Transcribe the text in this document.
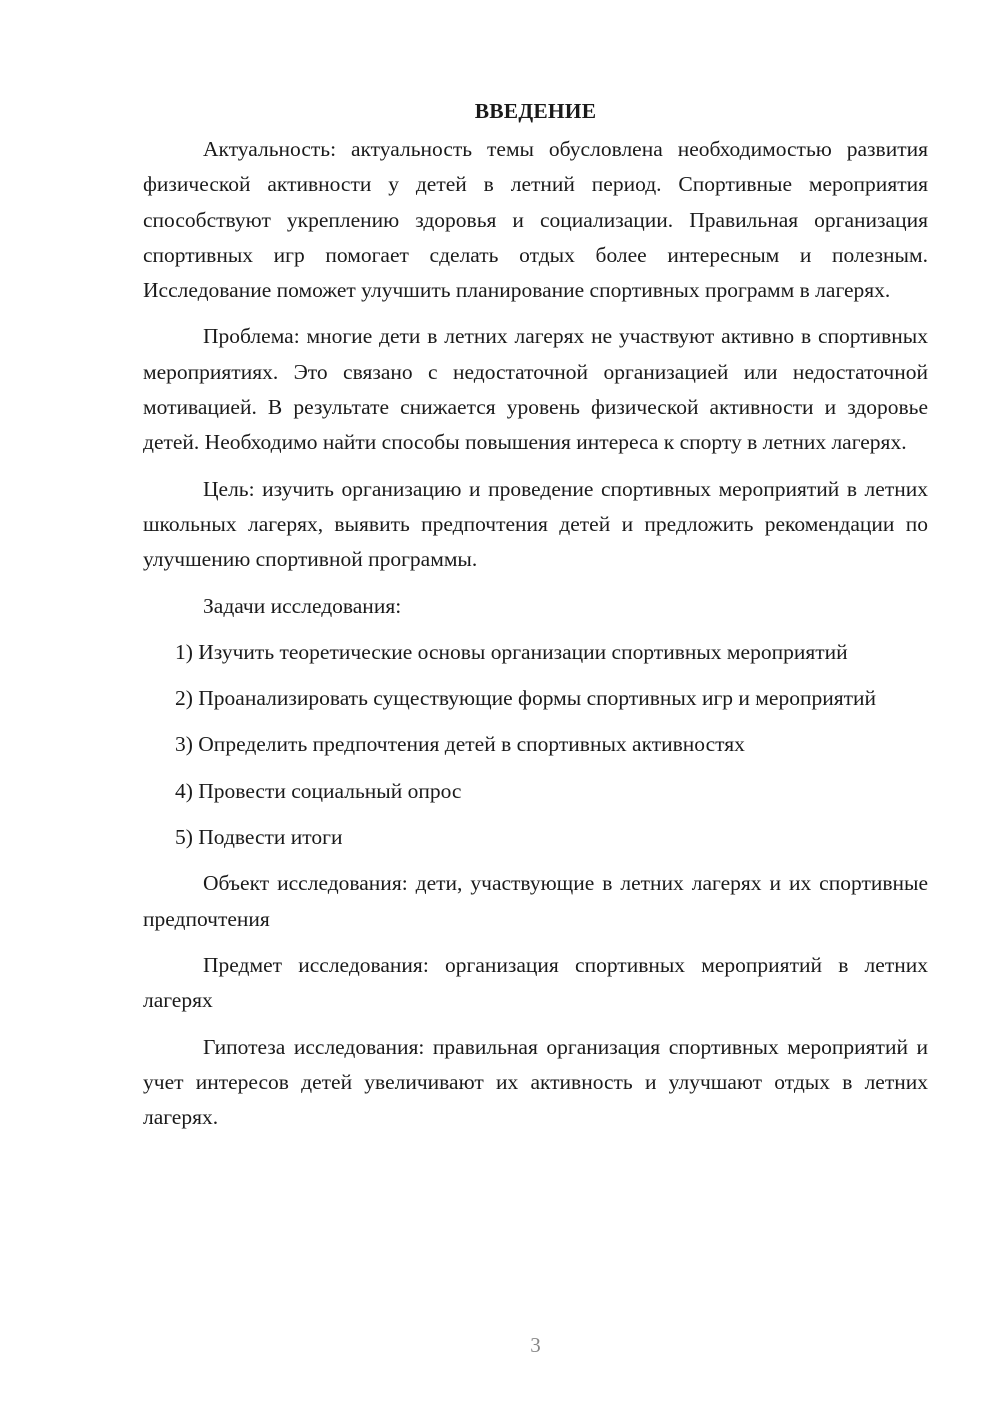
ВВЕДЕНИЕ

Актуальность: актуальность темы обусловлена необходимостью развития физической активности у детей в летний период. Спортивные мероприятия способствуют укреплению здоровья и социализации. Правильная организация спортивных игр помогает сделать отдых более интересным и полезным. Исследование поможет улучшить планирование спортивных программ в лагерях.

Проблема: многие дети в летних лагерях не участвуют активно в спортивных мероприятиях. Это связано с недостаточной организацией или недостаточной мотивацией. В результате снижается уровень физической активности и здоровье детей. Необходимо найти способы повышения интереса к спорту в летних лагерях.

Цель: изучить организацию и проведение спортивных мероприятий в летних школьных лагерях, выявить предпочтения детей и предложить рекомендации по улучшению спортивной программы.

Задачи исследования:

1) Изучить теоретические основы организации спортивных мероприятий

2) Проанализировать существующие формы спортивных игр и мероприятий

3) Определить предпочтения детей в спортивных активностях

4) Провести социальный опрос

5) Подвести итоги

Объект исследования: дети, участвующие в летних лагерях и их спортивные предпочтения

Предмет исследования: организация спортивных мероприятий в летних лагерях

Гипотеза исследования: правильная организация спортивных мероприятий и учет интересов детей увеличивают их активность и улучшают отдых в летних лагерях.

3
